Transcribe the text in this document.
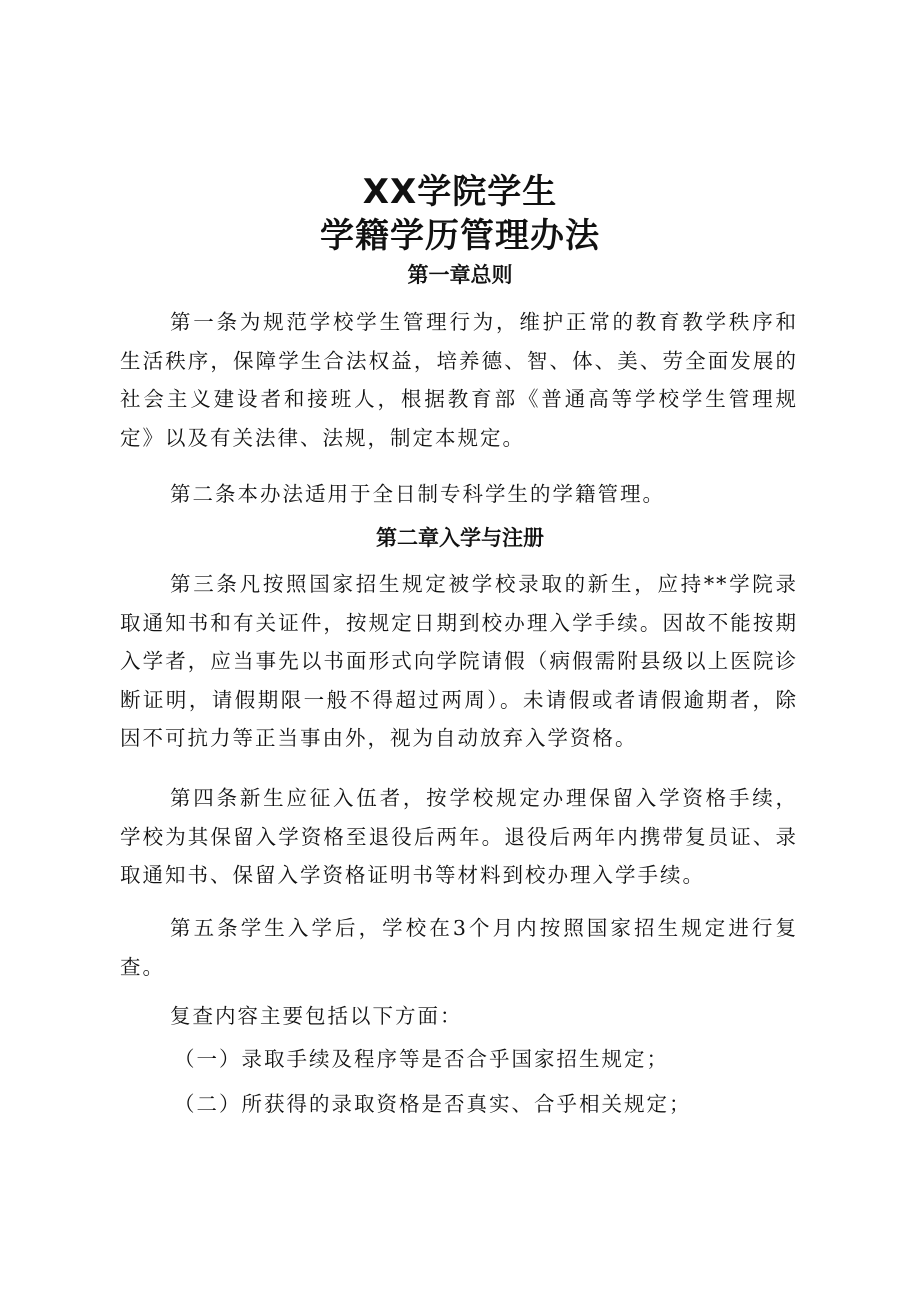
XX学院学生
学籍学历管理办法
第一章总则

第一条为规范学校学生管理行为，维护正常的教育教学秩序和生活秩序，保障学生合法权益，培养德、智、体、美、劳全面发展的社会主义建设者和接班人，根据教育部《普通高等学校学生管理规定》以及有关法律、法规，制定本规定。

第二条本办法适用于全日制专科学生的学籍管理。

第二章入学与注册

第三条凡按照国家招生规定被学校录取的新生，应持**学院录取通知书和有关证件，按规定日期到校办理入学手续。因故不能按期入学者，应当事先以书面形式向学院请假（病假需附县级以上医院诊断证明，请假期限一般不得超过两周）。未请假或者请假逾期者，除因不可抗力等正当事由外，视为自动放弃入学资格。

第四条新生应征入伍者，按学校规定办理保留入学资格手续，学校为其保留入学资格至退役后两年。退役后两年内携带复员证、录取通知书、保留入学资格证明书等材料到校办理入学手续。

第五条学生入学后，学校在3个月内按照国家招生规定进行复查。

复查内容主要包括以下方面：

（一）录取手续及程序等是否合乎国家招生规定；

（二）所获得的录取资格是否真实、合乎相关规定；
